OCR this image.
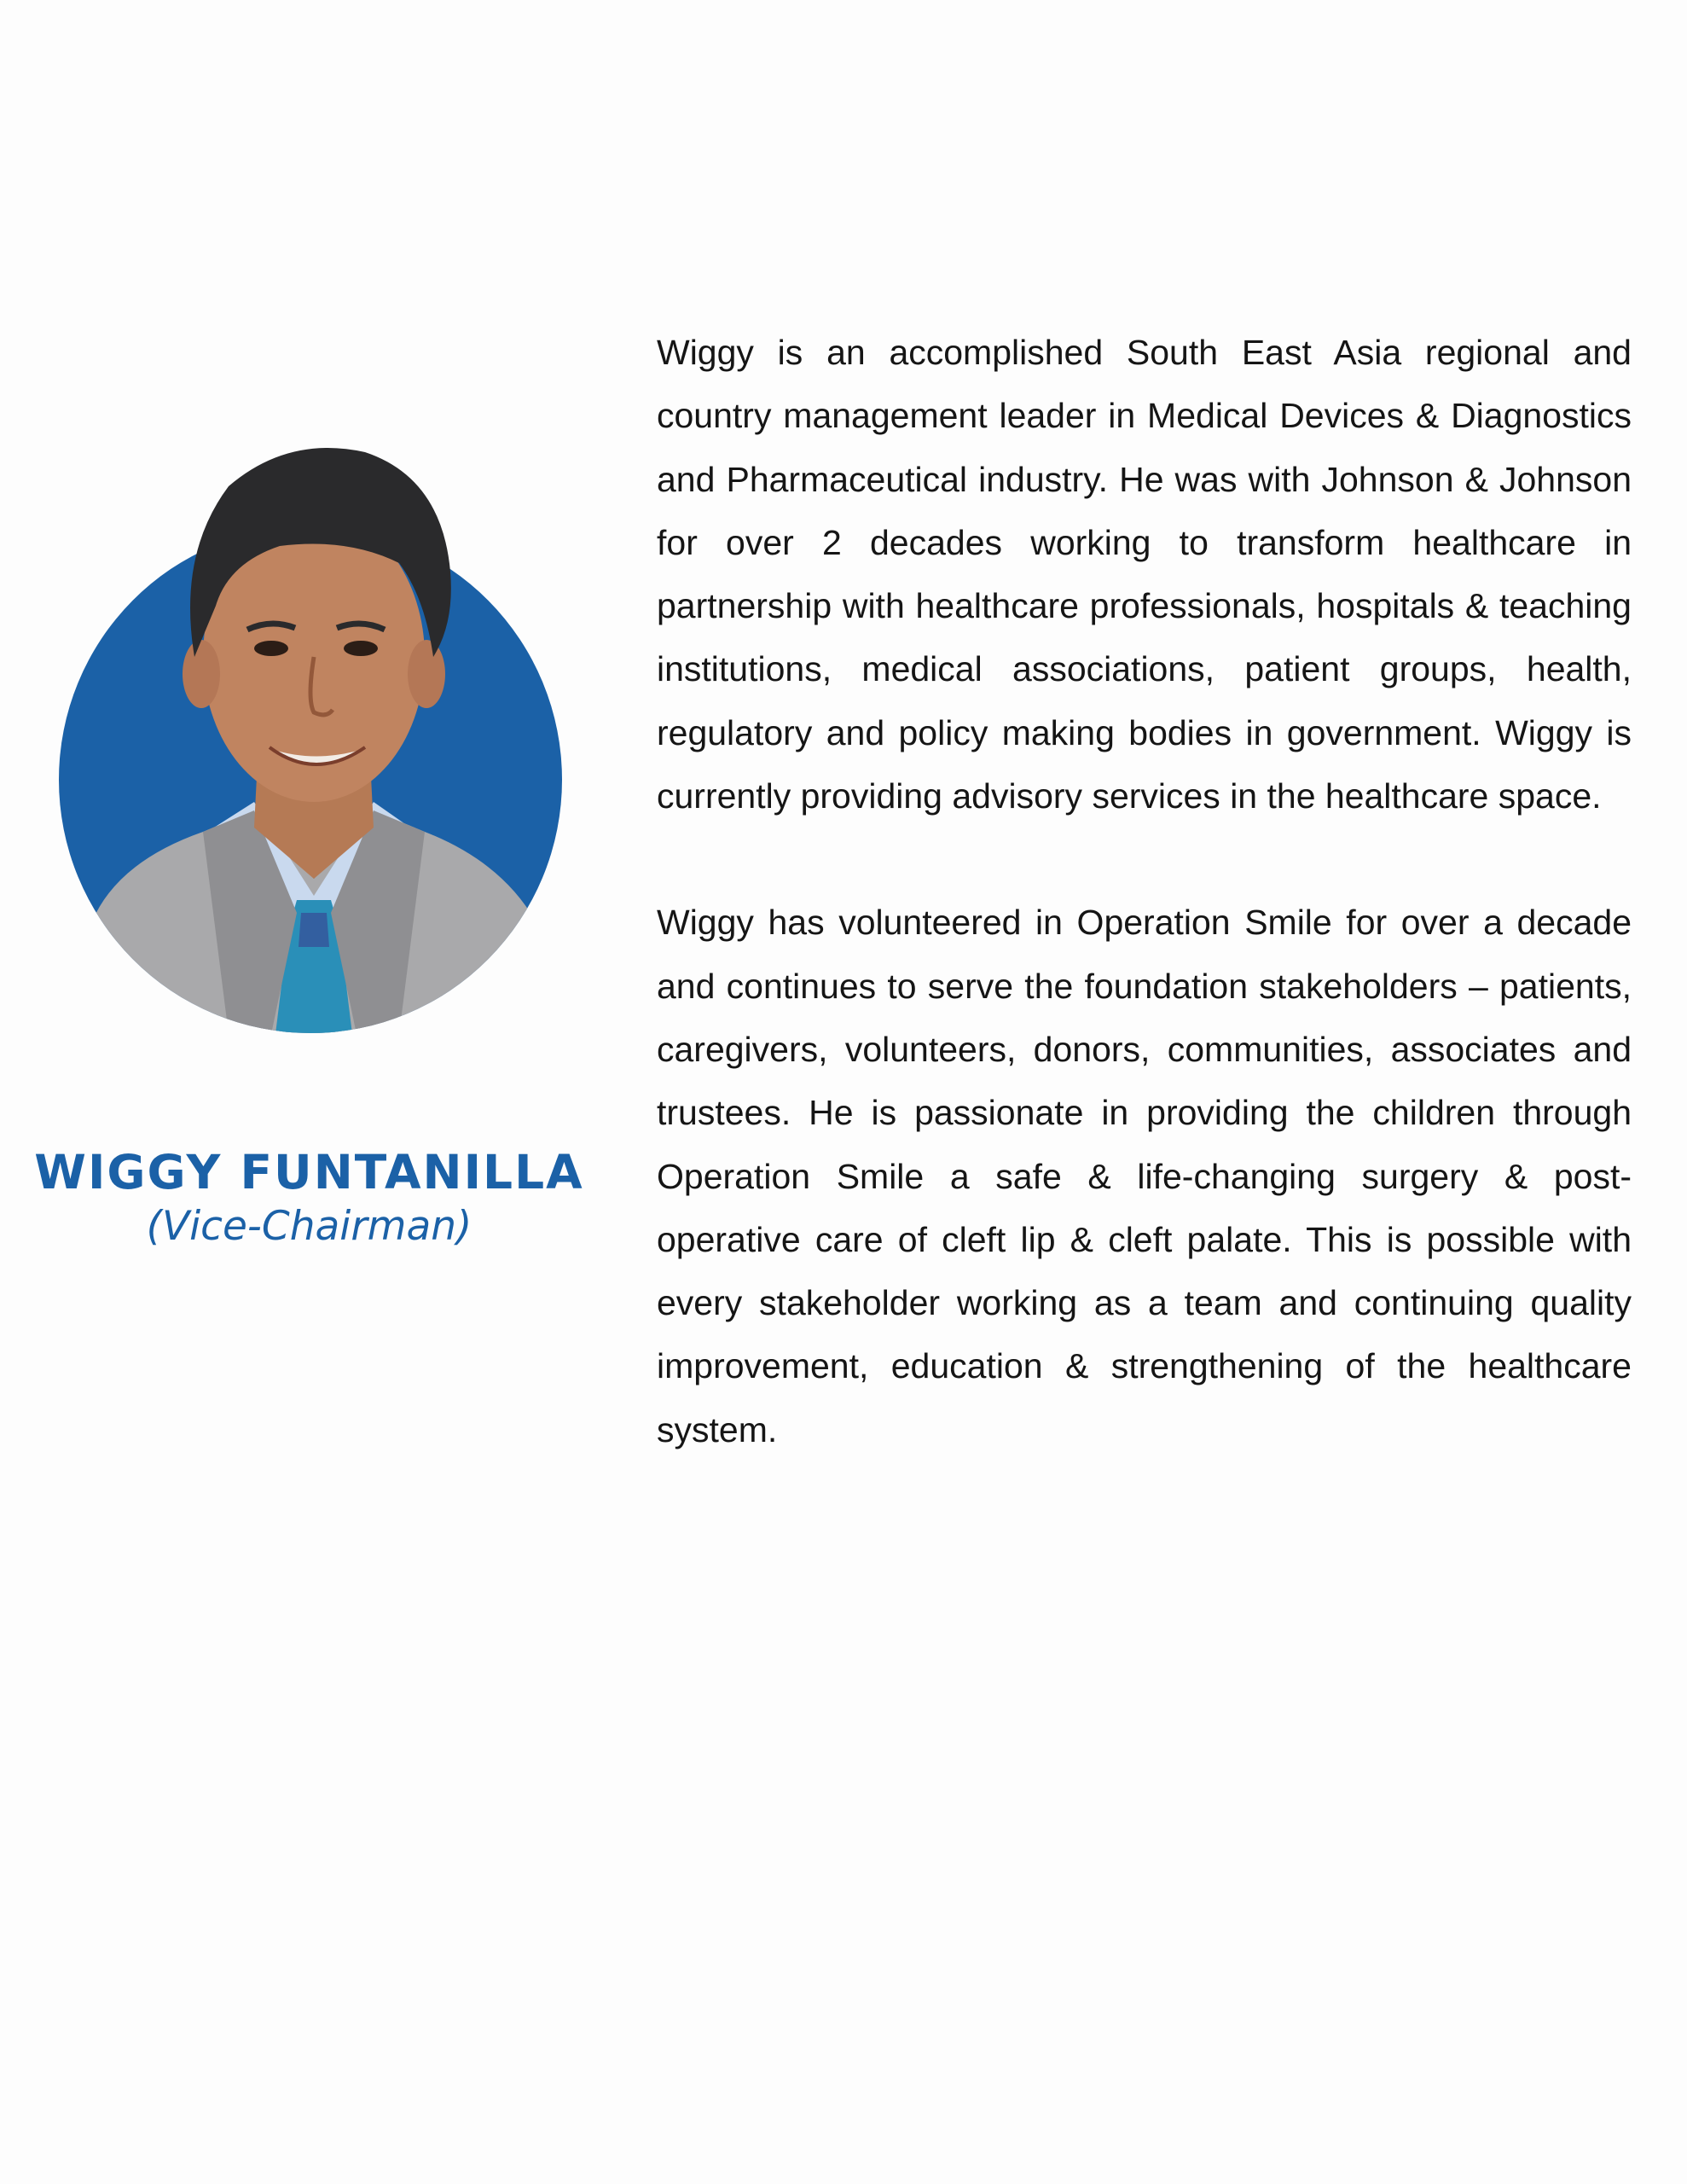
WIGGY FUNTANILLA
(Vice-Chairman)

Wiggy is an accomplished South East Asia regional and country management leader in Medical Devices & Diagnostics and Pharmaceutical industry. He was with Johnson & Johnson for over 2 decades working to transform healthcare in partnership with healthcare professionals, hospitals & teaching institutions, medical associations, patient groups, health, regulatory and policy making bodies in government. Wiggy is currently providing advisory services in the healthcare space.

Wiggy has volunteered in Operation Smile for over a decade and continues to serve the foundation stakeholders – patients, caregivers, volunteers, donors, communities, associates and trustees. He is passionate in providing the children through Operation Smile a safe & life-changing surgery & post-operative care of cleft lip & cleft palate. This is possible with every stakeholder working as a team and continuing quality improvement, education & strengthening of the healthcare system.
